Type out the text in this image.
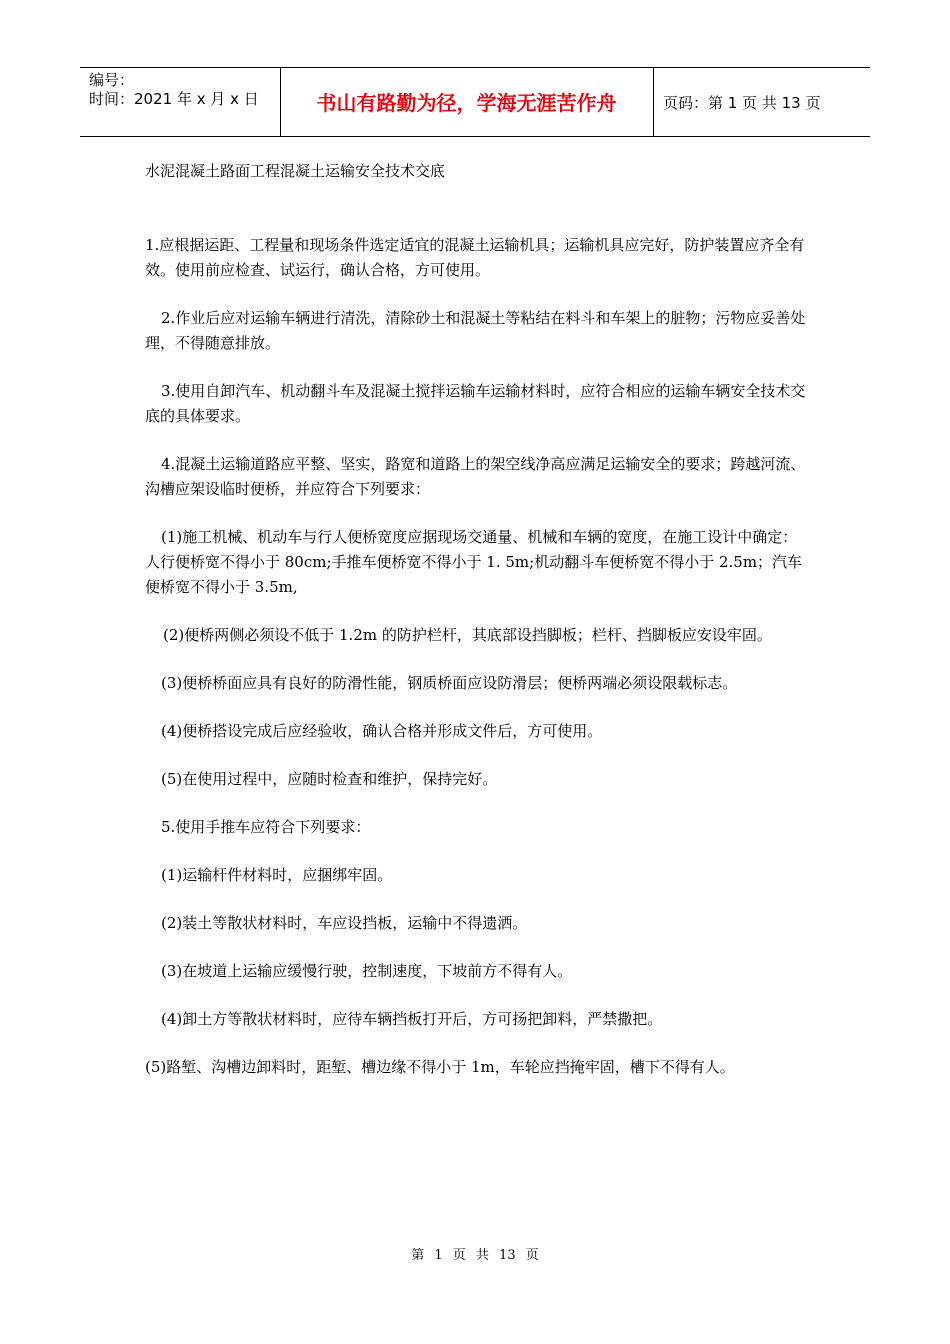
编号：
时间：2021 年 x 月 x 日	书山有路勤为径，学海无涯苦作舟	页码：第 1 页 共 13 页
水泥混凝土路面工程混凝土运输安全技术交底

1.应根据运距、工程量和现场条件选定适宜的混凝土运输机具；运输机具应完好，防护装置应齐全有效。使用前应检查、试运行，确认合格，方可使用。

2.作业后应对运输车辆进行清洗，清除砂土和混凝土等粘结在料斗和车架上的脏物；污物应妥善处理，不得随意排放。

3.使用自卸汽车、机动翻斗车及混凝土搅拌运输车运输材料时，应符合相应的运输车辆安全技术交底的具体要求。

4.混凝土运输道路应平整、坚实，路宽和道路上的架空线净高应满足运输安全的要求；跨越河流、沟槽应架设临时便桥，并应符合下列要求：

(1)施工机械、机动车与行人便桥宽度应据现场交通量、机械和车辆的宽度，在施工设计中确定：人行便桥宽不得小于 80cm;手推车便桥宽不得小于 1. 5m;机动翻斗车便桥宽不得小于 2.5m；汽车便桥宽不得小于 3.5m,

(2)便桥两侧必须设不低于 1.2m 的防护栏杆，其底部设挡脚板；栏杆、挡脚板应安设牢固。

(3)便桥桥面应具有良好的防滑性能，钢质桥面应设防滑层；便桥两端必须设限载标志。

(4)便桥搭设完成后应经验收，确认合格并形成文件后，方可使用。

(5)在使用过程中，应随时检查和维护，保持完好。

5.使用手推车应符合下列要求：

(1)运输杆件材料时，应捆绑牢固。

(2)装土等散状材料时，车应设挡板，运输中不得遗洒。

(3)在坡道上运输应缓慢行驶，控制速度，下坡前方不得有人。

(4)卸土方等散状材料时，应待车辆挡板打开后，方可扬把卸料，严禁撒把。

(5)路堑、沟槽边卸料时，距堑、槽边缘不得小于 1m，车轮应挡掩牢固，槽下不得有人。

第 1 页 共 13 页
